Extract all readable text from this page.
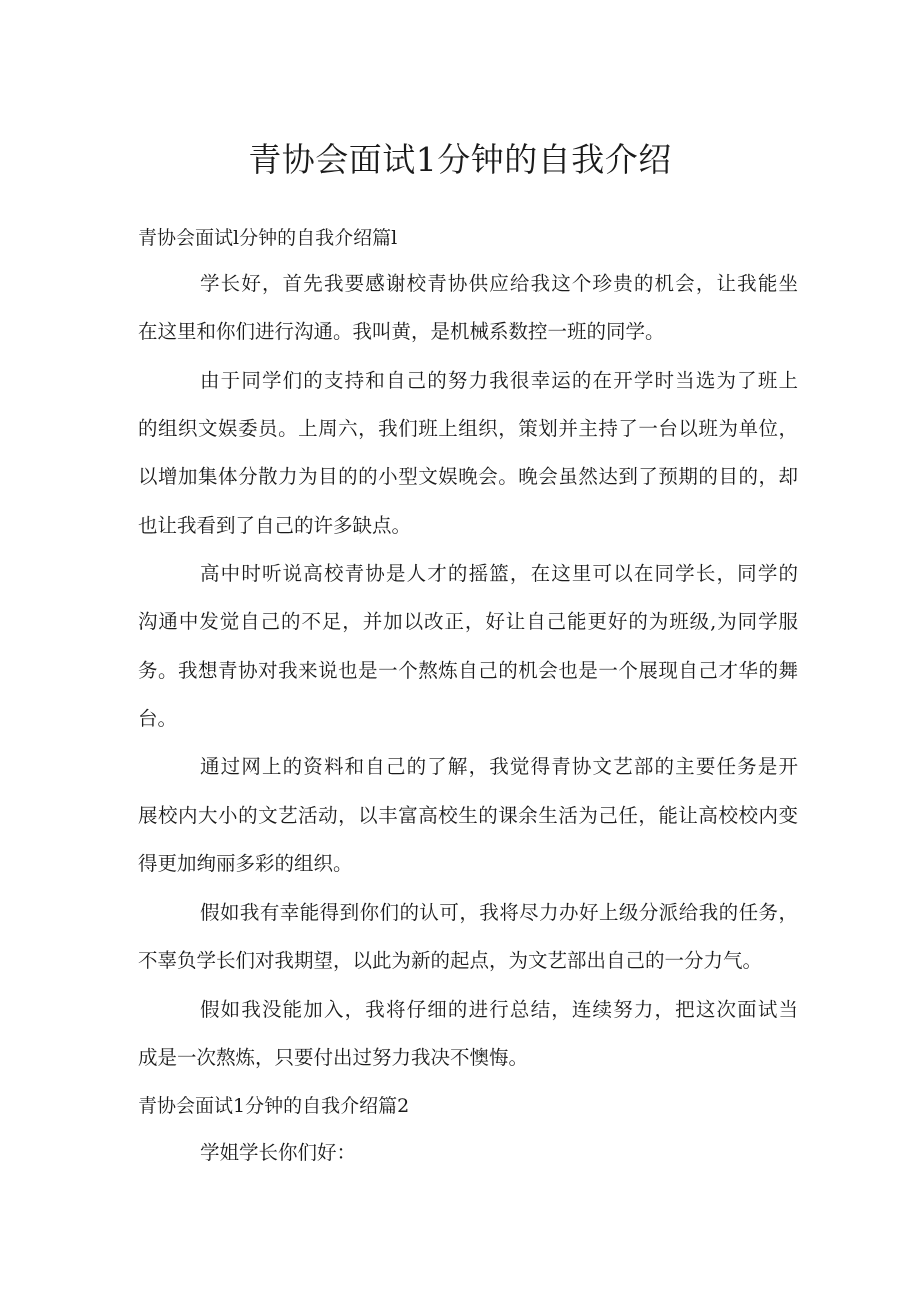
青协会面试1分钟的自我介绍
青协会面试l分钟的自我介绍篇l
学长好，首先我要感谢校青协供应给我这个珍贵的机会，让我能坐
在这里和你们进行沟通。我叫黄，是机械系数控一班的同学。
由于同学们的支持和自己的努力我很幸运的在开学时当选为了班上
的组织文娱委员。上周六，我们班上组织，策划并主持了一台以班为单位，
以增加集体分散力为目的的小型文娱晚会。晚会虽然达到了预期的目的，却
也让我看到了自己的许多缺点。
高中时听说高校青协是人才的摇篮，在这里可以在同学长，同学的
沟通中发觉自己的不足，并加以改正，好让自己能更好的为班级,为同学服
务。我想青协对我来说也是一个熬炼自己的机会也是一个展现自己才华的舞
台。
通过网上的资料和自己的了解，我觉得青协文艺部的主要任务是开
展校内大小的文艺活动，以丰富高校生的课余生活为己任，能让高校校内变
得更加绚丽多彩的组织。
假如我有幸能得到你们的认可，我将尽力办好上级分派给我的任务，
不辜负学长们对我期望，以此为新的起点，为文艺部出自己的一分力气。
假如我没能加入，我将仔细的进行总结，连续努力，把这次面试当
成是一次熬炼，只要付出过努力我决不懊悔。
青协会面试1分钟的自我介绍篇2
学姐学长你们好：
